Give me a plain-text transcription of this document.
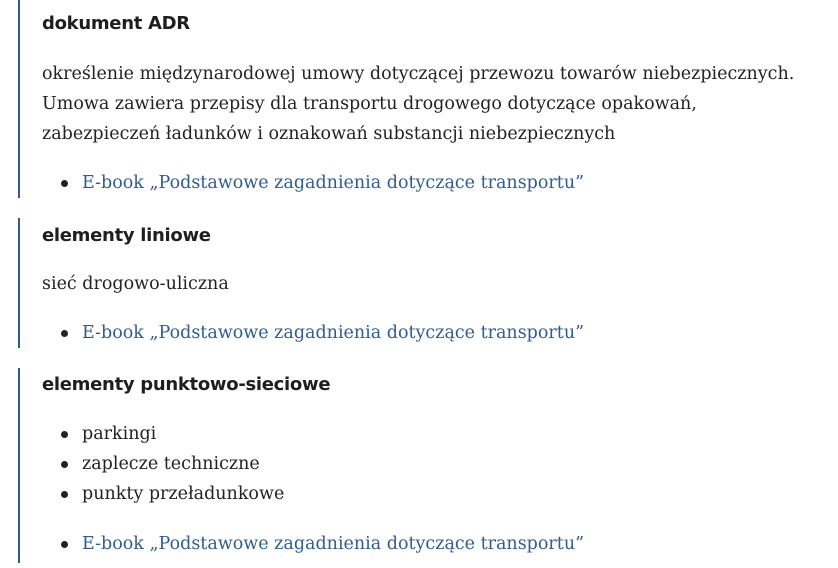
dokument ADR

określenie międzynarodowej umowy dotyczącej przewozu towarów niebezpiecznych. Umowa zawiera przepisy dla transportu drogowego dotyczące opakowań, zabezpieczeń ładunków i oznakowań substancji niebezpiecznych

E-book „Podstawowe zagadnienia dotyczące transportu”
elementy liniowe

sieć drogowo-uliczna

E-book „Podstawowe zagadnienia dotyczące transportu”
elementy punktowo-sieciowe
parkingi
zaplecze techniczne
punkty przeładunkowe
E-book „Podstawowe zagadnienia dotyczące transportu”
